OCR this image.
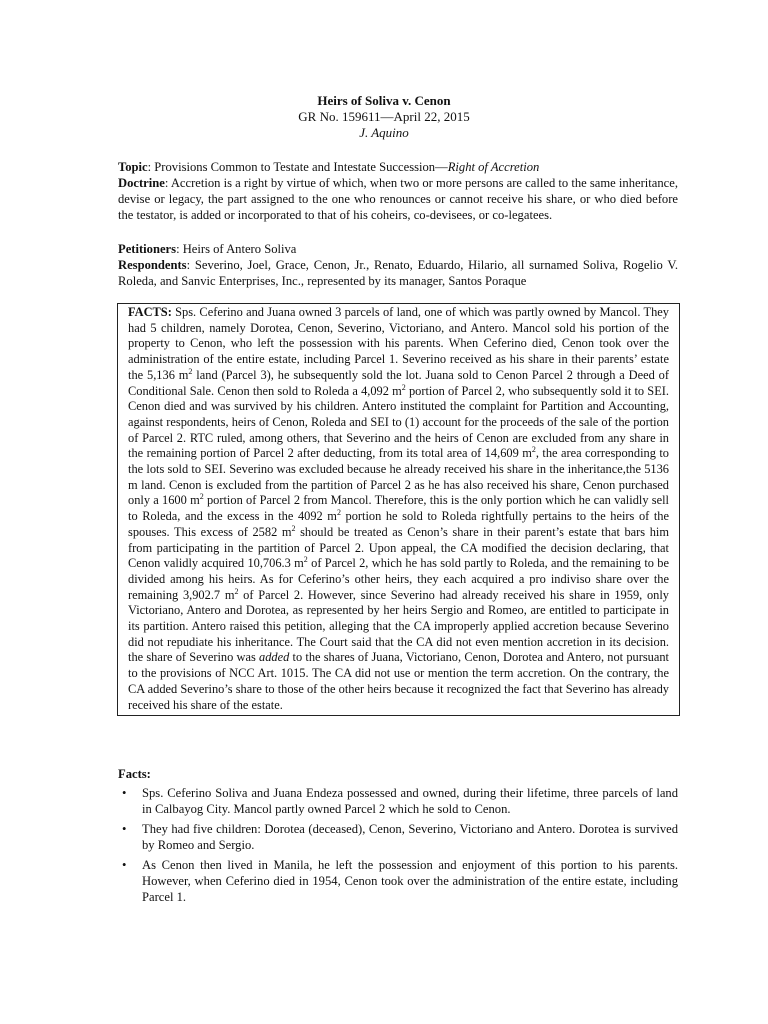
Heirs of Soliva v. Cenon
GR No. 159611—April 22, 2015
J. Aquino
Topic: Provisions Common to Testate and Intestate Succession—Right of Accretion
Doctrine: Accretion is a right by virtue of which, when two or more persons are called to the same inheritance, devise or legacy, the part assigned to the one who renounces or cannot receive his share, or who died before the testator, is added or incorporated to that of his coheirs, co-devisees, or co-legatees.
Petitioners: Heirs of Antero Soliva
Respondents: Severino, Joel, Grace, Cenon, Jr., Renato, Eduardo, Hilario, all surnamed Soliva, Rogelio V. Roleda, and Sanvic Enterprises, Inc., represented by its manager, Santos Poraque
FACTS: Sps. Ceferino and Juana owned 3 parcels of land, one of which was partly owned by Mancol. They had 5 children, namely Dorotea, Cenon, Severino, Victoriano, and Antero. Mancol sold his portion of the property to Cenon, who left the possession with his parents. When Ceferino died, Cenon took over the administration of the entire estate, including Parcel 1. Severino received as his share in their parents’ estate the 5,136 $m^2$ land (Parcel 3), he subsequently sold the lot. Juana sold to Cenon Parcel 2 through a Deed of Conditional Sale. Cenon then sold to Roleda a 4,092 $m^2$ portion of Parcel 2, who subsequently sold it to SEI. Cenon died and was survived by his children. Antero instituted the complaint for Partition and Accounting, against respondents, heirs of Cenon, Roleda and SEI to (1) account for the proceeds of the sale of the portion of Parcel 2. RTC ruled, among others, that Severino and the heirs of Cenon are excluded from any share in the remaining portion of Parcel 2 after deducting, from its total area of 14,609 $m^2$, the area corresponding to the lots sold to SEI. Severino was excluded because he already received his share in the inheritance,the 5136 m land. Cenon is excluded from the partition of Parcel 2 as he has also received his share, Cenon purchased only a 1600 $m^2$ portion of Parcel 2 from Mancol. Therefore, this is the only portion which he can validly sell to Roleda, and the excess in the 4092 $m^2$ portion he sold to Roleda rightfully pertains to the heirs of the spouses. This excess of 2582 $m^2$ should be treated as Cenon’s share in their parent’s estate that bars him from participating in the partition of Parcel 2. Upon appeal, the CA modified the decision declaring, that Cenon validly acquired 10,706.3 $m^2$ of Parcel 2, which he has sold partly to Roleda, and the remaining to be divided among his heirs. As for Ceferino’s other heirs, they each acquired a pro indiviso share over the remaining 3,902.7 $m^2$ of Parcel 2. However, since Severino had already received his share in 1959, only Victoriano, Antero and Dorotea, as represented by her heirs Sergio and Romeo, are entitled to participate in its partition. Antero raised this petition, alleging that the CA improperly applied accretion because Severino did not repudiate his inheritance. The Court said that the CA did not even mention accretion in its decision. the share of Severino was added to the shares of Juana, Victoriano, Cenon, Dorotea and Antero, not pursuant to the provisions of NCC Art. 1015. The CA did not use or mention the term accretion. On the contrary, the CA added Severino’s share to those of the other heirs because it recognized the fact that Severino has already received his share of the estate.
Facts:
• Sps. Ceferino Soliva and Juana Endeza possessed and owned, during their lifetime, three parcels of land in Calbayog City. Mancol partly owned Parcel 2 which he sold to Cenon.
• They had five children: Dorotea (deceased), Cenon, Severino, Victoriano and Antero. Dorotea is survived by Romeo and Sergio.
• As Cenon then lived in Manila, he left the possession and enjoyment of this portion to his parents. However, when Ceferino died in 1954, Cenon took over the administration of the entire estate, including Parcel 1.
